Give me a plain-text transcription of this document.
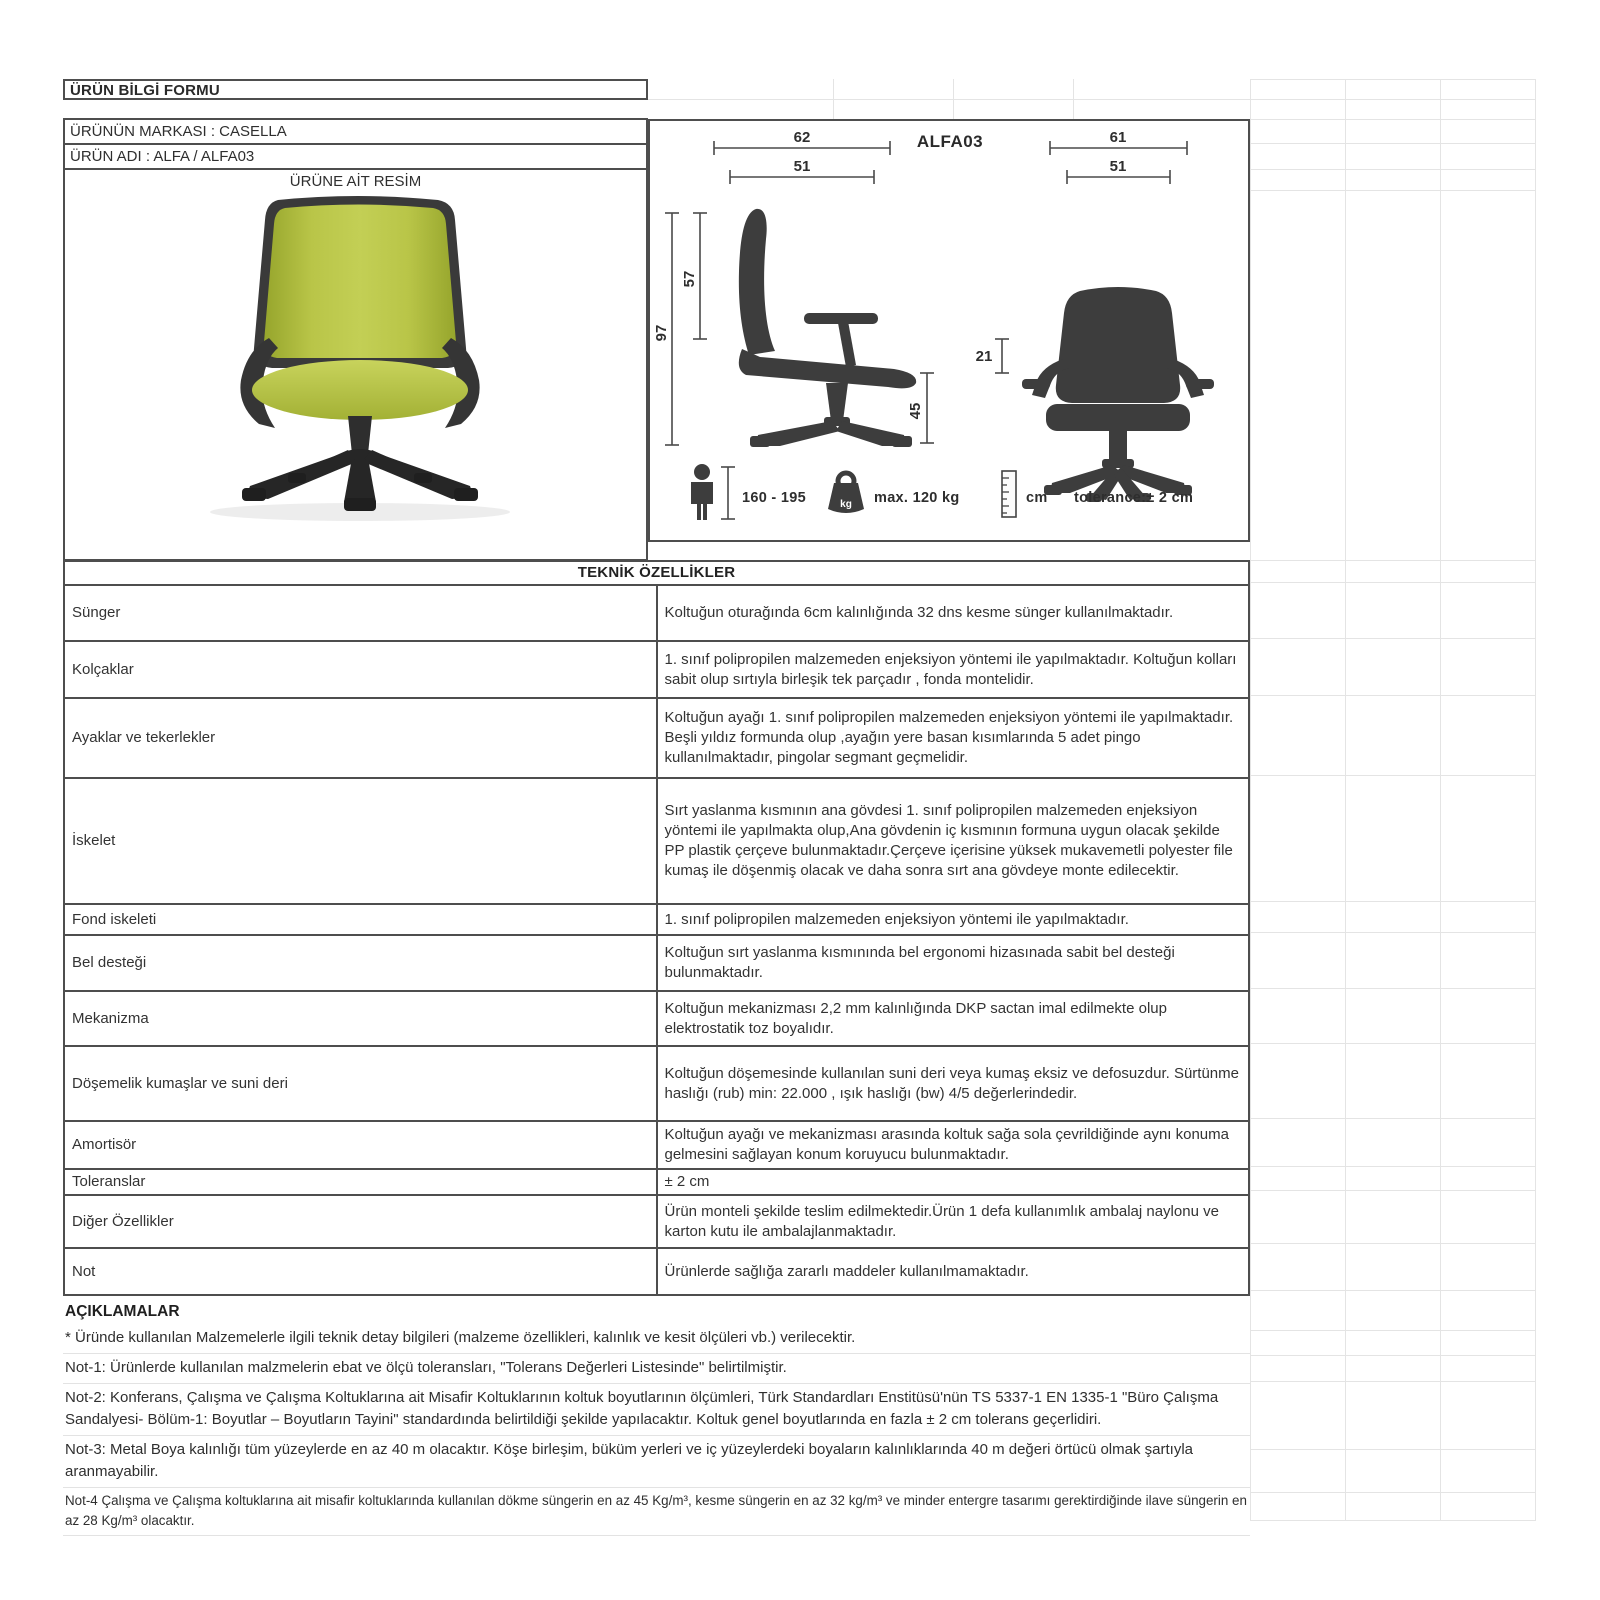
ÜRÜN BİLGİ FORMU
ÜRÜNÜN MARKASI : CASELLA
ÜRÜN ADI : ALFA / ALFA03
ÜRÜNE AİT RESİM
ALFA03
62
51
61
51
97
57
45
21
160 - 195	kg max. 120 kg	cm tolerance:± 2 cm
TEKNİK ÖZELLİKLER	
Sünger	Koltuğun oturağında 6cm kalınlığında 32 dns kesme sünger kullanılmaktadır.
Kolçaklar	1. sınıf polipropilen malzemeden enjeksiyon yöntemi ile yapılmaktadır. Koltuğun kolları sabit olup sırtıyla birleşik tek parçadır , fonda montelidir.
Ayaklar ve tekerlekler	Koltuğun ayağı 1. sınıf polipropilen malzemeden enjeksiyon yöntemi ile yapılmaktadır. Beşli yıldız formunda olup ,ayağın yere basan kısımlarında 5 adet pingo kullanılmaktadır, pingolar segmant geçmelidir.
İskelet	Sırt yaslanma kısmının ana gövdesi 1. sınıf polipropilen malzemeden enjeksiyon yöntemi ile yapılmakta olup,Ana gövdenin iç kısmının formuna uygun olacak şekilde PP plastik çerçeve bulunmaktadır.Çerçeve içerisine yüksek mukavemetli polyester file kumaş ile döşenmiş olacak ve daha sonra sırt ana gövdeye monte edilecektir.
Fond iskeleti	1. sınıf polipropilen malzemeden enjeksiyon yöntemi ile yapılmaktadır.
Bel desteği	Koltuğun sırt yaslanma kısmınında bel ergonomi hizasınada sabit bel desteği bulunmaktadır.
Mekanizma	Koltuğun mekanizması 2,2 mm kalınlığında DKP sactan imal edilmekte olup elektrostatik toz boyalıdır.
Döşemelik kumaşlar ve suni deri	Koltuğun döşemesinde kullanılan suni deri veya kumaş eksiz ve defosuzdur. Sürtünme haslığı (rub) min: 22.000 , ışık haslığı (bw) 4/5 değerlerindedir.
Amortisör	Koltuğun ayağı ve mekanizması arasında koltuk sağa sola çevrildiğinde aynı konuma gelmesini sağlayan konum koruyucu bulunmaktadır.
Toleranslar	± 2 cm
Diğer Özellikler	Ürün monteli şekilde teslim edilmektedir.Ürün 1 defa kullanımlık ambalaj naylonu ve karton kutu ile ambalajlanmaktadır.
Not	Ürünlerde sağlığa zararlı maddeler kullanılmamaktadır.
AÇIKLAMALAR
* Üründe kullanılan Malzemelerle ilgili teknik detay bilgileri (malzeme özellikleri, kalınlık ve kesit ölçüleri vb.) verilecektir.
Not-1: Ürünlerde kullanılan malzmelerin ebat ve ölçü toleransları, "Tolerans Değerleri Listesinde" belirtilmiştir.
Not-2: Konferans, Çalışma ve Çalışma Koltuklarına ait Misafir Koltuklarının koltuk boyutlarının ölçümleri, Türk Standardları Enstitüsü'nün TS 5337-1 EN 1335-1 "Büro Çalışma Sandalyesi- Bölüm-1: Boyutlar – Boyutların Tayini" standardında belirtildiği şekilde yapılacaktır. Koltuk genel boyutlarında en fazla ± 2 cm tolerans geçerlidiri.
Not-3: Metal Boya kalınlığı tüm yüzeylerde en az 40 m olacaktır. Köşe birleşim, büküm yerleri ve iç yüzeylerdeki boyaların kalınlıklarında 40 m değeri örtücü olmak şartıyla aranmayabilir.
Not-4 Çalışma ve Çalışma koltuklarına ait misafir koltuklarında kullanılan dökme süngerin en az 45 Kg/m³, kesme süngerin en az 32 kg/m³ ve minder entergre tasarımı gerektirdiğinde ilave süngerin en az 28 Kg/m³ olacaktır.
